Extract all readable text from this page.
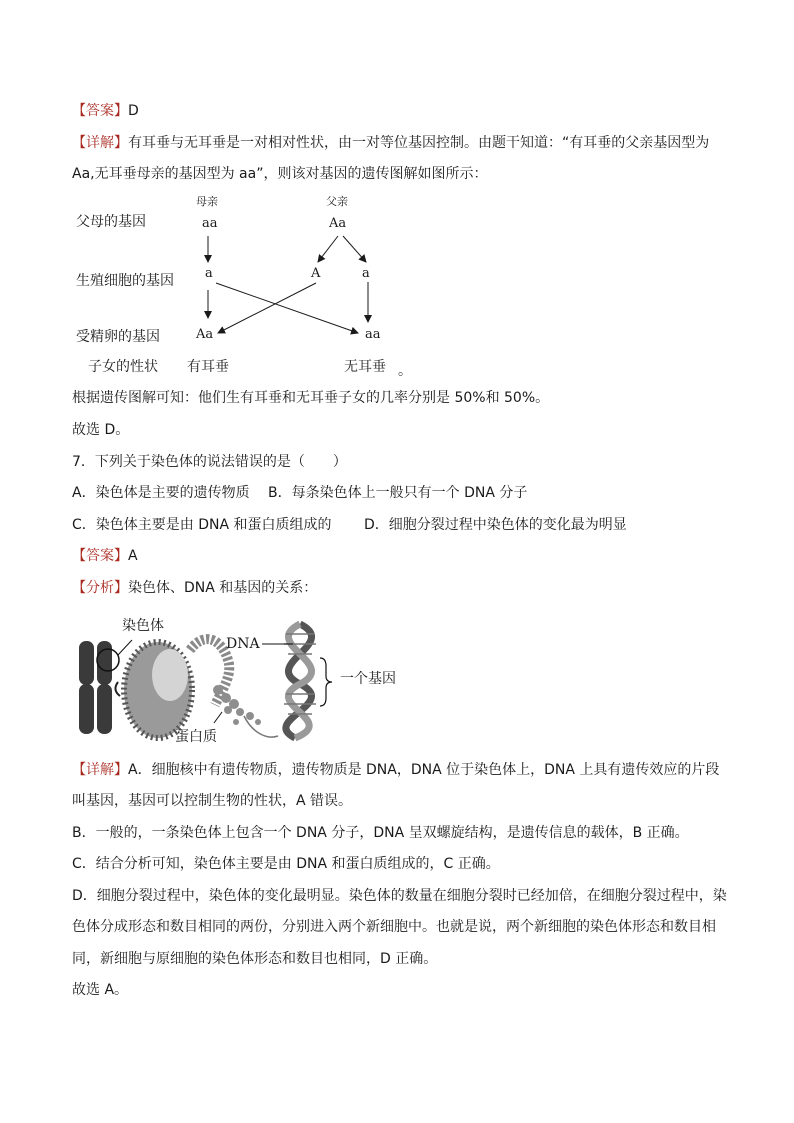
【答案】D
【详解】有耳垂与无耳垂是一对相对性状，由一对等位基因控制。由题干知道：“有耳垂的父亲基因型为
Aa,无耳垂母亲的基因型为 aa”，则该对基因的遗传图解如图所示：
母亲	父亲
父母的基因	aa	Aa
生殖细胞的基因 a	A	a
受精卵的基因	Aa	aa
子女的性状 有耳垂	无耳垂 。
根据遗传图解可知：他们生有耳垂和无耳垂子女的几率分别是 50%和 50%。
故选 D。
7．下列关于染色体的说法错误的是（　　）
A．染色体是主要的遗传物质　 B．每条染色体上一般只有一个 DNA 分子
C．染色体主要是由 DNA 和蛋白质组成的　　 D．细胞分裂过程中染色体的变化最为明显
【答案】A
【分析】染色体、DNA 和基因的关系：
染色体
DNA
一个基因
蛋白质
【详解】A．细胞核中有遗传物质，遗传物质是 DNA，DNA 位于染色体上，DNA 上具有遗传效应的片段
叫基因，基因可以控制生物的性状，A 错误。
B．一般的，一条染色体上包含一个 DNA 分子，DNA 呈双螺旋结构，是遗传信息的载体，B 正确。
C．结合分析可知，染色体主要是由 DNA 和蛋白质组成的，C 正确。
D．细胞分裂过程中，染色体的变化最明显。染色体的数量在细胞分裂时已经加倍，在细胞分裂过程中，染
色体分成形态和数目相同的两份，分别进入两个新细胞中。也就是说，两个新细胞的染色体形态和数目相
同，新细胞与原细胞的染色体形态和数目也相同，D 正确。
故选 A。
